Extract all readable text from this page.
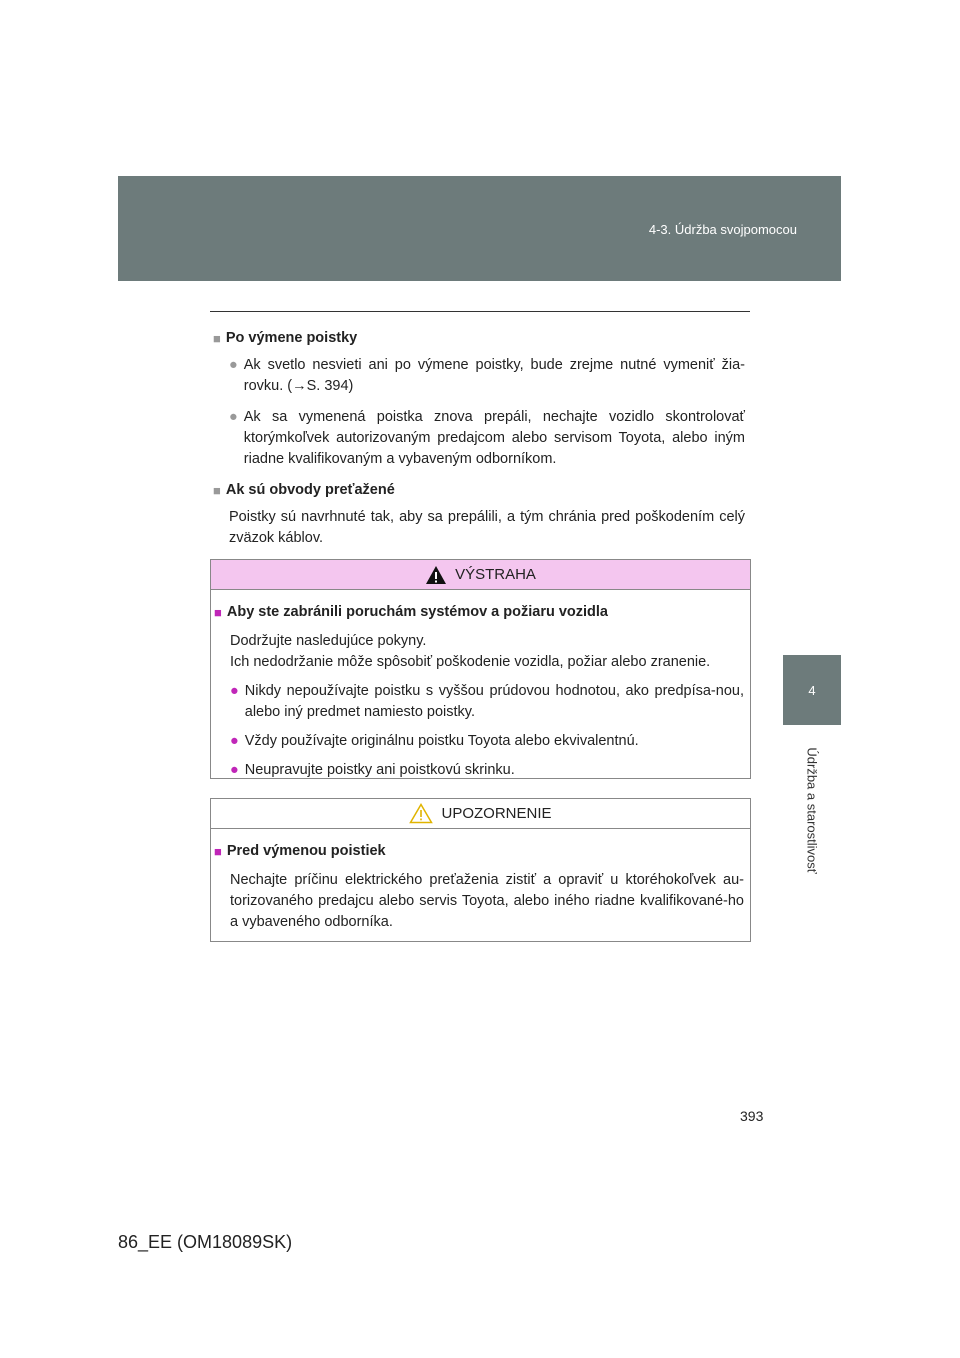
4-3. Údržba svojpomocou
4
Údržba a starostlivosť
■ Po výmene poistky
● Ak svetlo nesvieti ani po výmene poistky, bude zrejme nutné vymeniť žia-rovku. (→S. 394)
● Ak sa vymenená poistka znova prepáli, nechajte vozidlo skontrolovať ktorýmkoľvek autorizovaným predajcom alebo servisom Toyota, alebo iným riadne kvalifikovaným a vybaveným odborníkom.
■ Ak sú obvody preťažené
Poistky sú navrhnuté tak, aby sa prepálili, a tým chránia pred poškodením celý zväzok káblov.
VÝSTRAHA
■ Aby ste zabránili poruchám systémov a požiaru vozidla
Dodržujte nasledujúce pokyny.
Ich nedodržanie môže spôsobiť poškodenie vozidla, požiar alebo zranenie.
● Nikdy nepoužívajte poistku s vyššou prúdovou hodnotou, ako predpísa-nou, alebo iný predmet namiesto poistky.
● Vždy používajte originálnu poistku Toyota alebo ekvivalentnú.
● Neupravujte poistky ani poistkovú skrinku.
UPOZORNENIE
■ Pred výmenou poistiek
Nechajte príčinu elektrického preťaženia zistiť a opraviť u ktoréhokoľvek au-torizovaného predajcu alebo servis Toyota, alebo iného riadne kvalifikované-ho a vybaveného odborníka.
393
86_EE (OM18089SK)
